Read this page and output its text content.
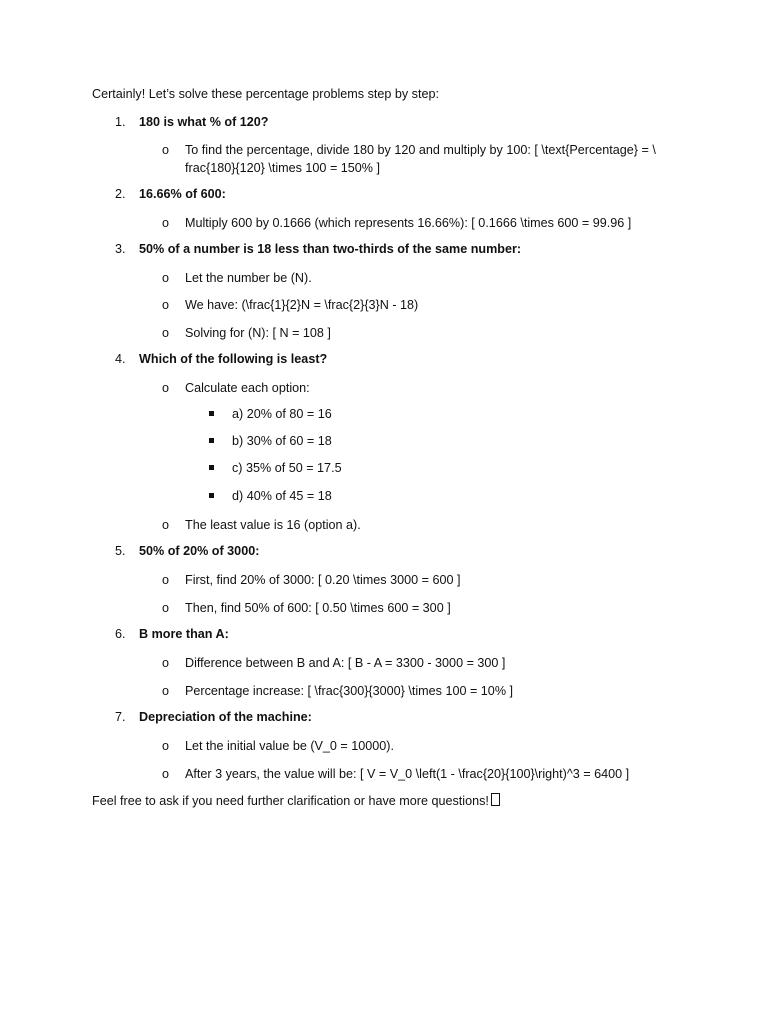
Certainly! Let’s solve these percentage problems step by step:
1. 180 is what % of 120?
o To find the percentage, divide 180 by 120 and multiply by 100: [ \text{Percentage} = \ frac{180}{120} \times 100 = 150% ]
2. 16.66% of 600:
o Multiply 600 by 0.1666 (which represents 16.66%): [ 0.1666 \times 600 = 99.96 ]
3. 50% of a number is 18 less than two-thirds of the same number:
o Let the number be (N).
o We have: (\frac{1}{2}N = \frac{2}{3}N - 18)
o Solving for (N): [ N = 108 ]
4. Which of the following is least?
o Calculate each option:
a) 20% of 80 = 16
b) 30% of 60 = 18
c) 35% of 50 = 17.5
d) 40% of 45 = 18
o The least value is 16 (option a).
5. 50% of 20% of 3000:
o First, find 20% of 3000: [ 0.20 \times 3000 = 600 ]
o Then, find 50% of 600: [ 0.50 \times 600 = 300 ]
6. B more than A:
o Difference between B and A: [ B - A = 3300 - 3000 = 300 ]
o Percentage increase: [ \frac{300}{3000} \times 100 = 10% ]
7. Depreciation of the machine:
o Let the initial value be (V_0 = 10000).
o After 3 years, the value will be: [ V = V_0 \left(1 - \frac{20}{100}\right)^3 = 6400 ]
Feel free to ask if you need further clarification or have more questions!
